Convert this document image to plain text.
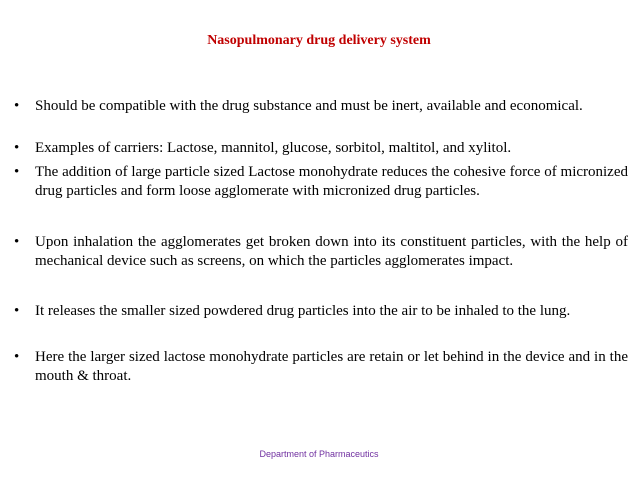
Nasopulmonary drug delivery system
•	Should be compatible with the drug substance and must be inert, available and economical.
•	Examples of carriers: Lactose, mannitol, glucose, sorbitol, maltitol, and xylitol.
•	The addition of large particle sized Lactose monohydrate reduces the cohesive force of micronized drug particles and form loose agglomerate with micronized drug particles.
•	Upon inhalation the agglomerates get broken down into its constituent particles, with the help of mechanical device such as screens, on which the particles agglomerates impact.
•	It releases the smaller sized powdered drug particles into the air to be inhaled to the lung.
•	Here the larger sized lactose monohydrate particles are retain or let behind in the device and in the mouth & throat.
Department of Pharmaceutics
